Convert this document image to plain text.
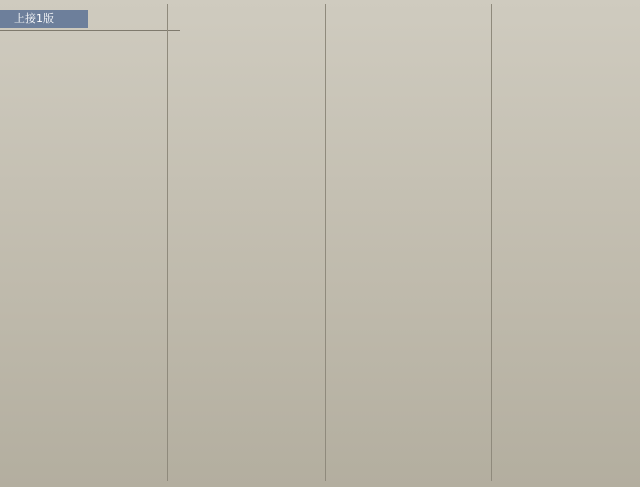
上接1版
